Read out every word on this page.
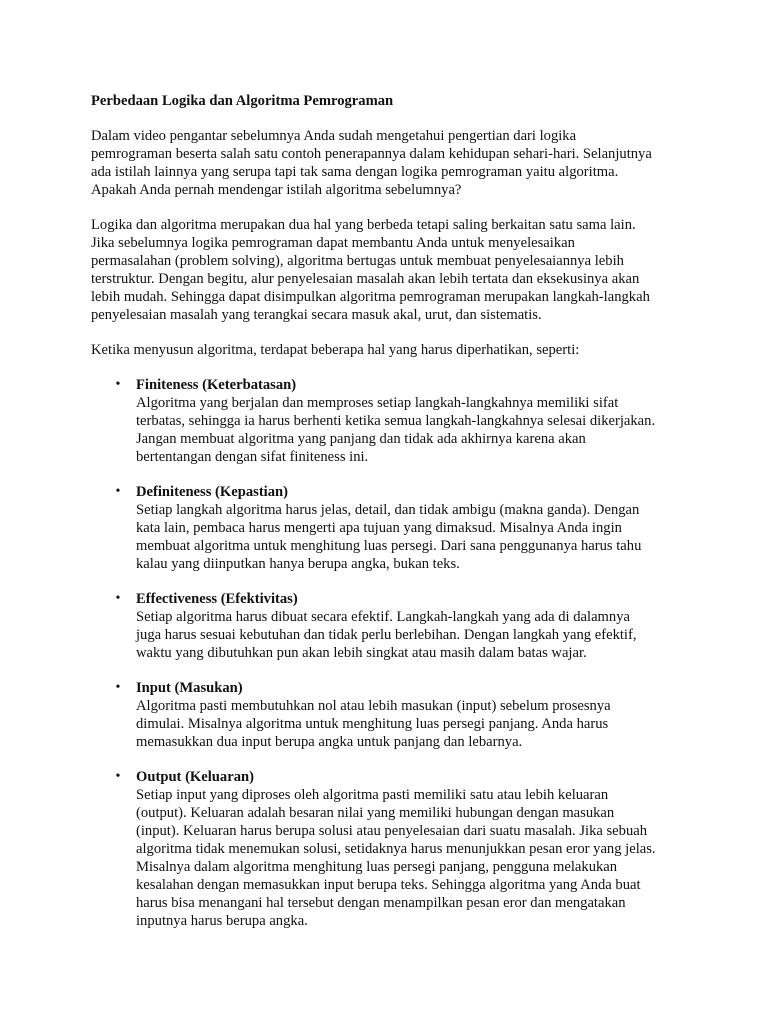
Perbedaan Logika dan Algoritma Pemrograman
Dalam video pengantar sebelumnya Anda sudah mengetahui pengertian dari logika
pemrograman beserta salah satu contoh penerapannya dalam kehidupan sehari-hari. Selanjutnya
ada istilah lainnya yang serupa tapi tak sama dengan logika pemrograman yaitu algoritma.
Apakah Anda pernah mendengar istilah algoritma sebelumnya?
Logika dan algoritma merupakan dua hal yang berbeda tetapi saling berkaitan satu sama lain.
Jika sebelumnya logika pemrograman dapat membantu Anda untuk menyelesaikan
permasalahan (problem solving), algoritma bertugas untuk membuat penyelesaiannya lebih
terstruktur. Dengan begitu, alur penyelesaian masalah akan lebih tertata dan eksekusinya akan
lebih mudah. Sehingga dapat disimpulkan algoritma pemrograman merupakan langkah-langkah
penyelesaian masalah yang terangkai secara masuk akal, urut, dan sistematis.
Ketika menyusun algoritma, terdapat beberapa hal yang harus diperhatikan, seperti:
• Finiteness (Keterbatasan)
Algoritma yang berjalan dan memproses setiap langkah-langkahnya memiliki sifat
terbatas, sehingga ia harus berhenti ketika semua langkah-langkahnya selesai dikerjakan.
Jangan membuat algoritma yang panjang dan tidak ada akhirnya karena akan
bertentangan dengan sifat finiteness ini.
• Definiteness (Kepastian)
Setiap langkah algoritma harus jelas, detail, dan tidak ambigu (makna ganda). Dengan
kata lain, pembaca harus mengerti apa tujuan yang dimaksud. Misalnya Anda ingin
membuat algoritma untuk menghitung luas persegi. Dari sana penggunanya harus tahu
kalau yang diinputkan hanya berupa angka, bukan teks.
• Effectiveness (Efektivitas)
Setiap algoritma harus dibuat secara efektif. Langkah-langkah yang ada di dalamnya
juga harus sesuai kebutuhan dan tidak perlu berlebihan. Dengan langkah yang efektif,
waktu yang dibutuhkan pun akan lebih singkat atau masih dalam batas wajar.
• Input (Masukan)
Algoritma pasti membutuhkan nol atau lebih masukan (input) sebelum prosesnya
dimulai. Misalnya algoritma untuk menghitung luas persegi panjang. Anda harus
memasukkan dua input berupa angka untuk panjang dan lebarnya.
• Output (Keluaran)
Setiap input yang diproses oleh algoritma pasti memiliki satu atau lebih keluaran
(output). Keluaran adalah besaran nilai yang memiliki hubungan dengan masukan
(input). Keluaran harus berupa solusi atau penyelesaian dari suatu masalah. Jika sebuah
algoritma tidak menemukan solusi, setidaknya harus menunjukkan pesan eror yang jelas.
Misalnya dalam algoritma menghitung luas persegi panjang, pengguna melakukan
kesalahan dengan memasukkan input berupa teks. Sehingga algoritma yang Anda buat
harus bisa menangani hal tersebut dengan menampilkan pesan eror dan mengatakan
inputnya harus berupa angka.
